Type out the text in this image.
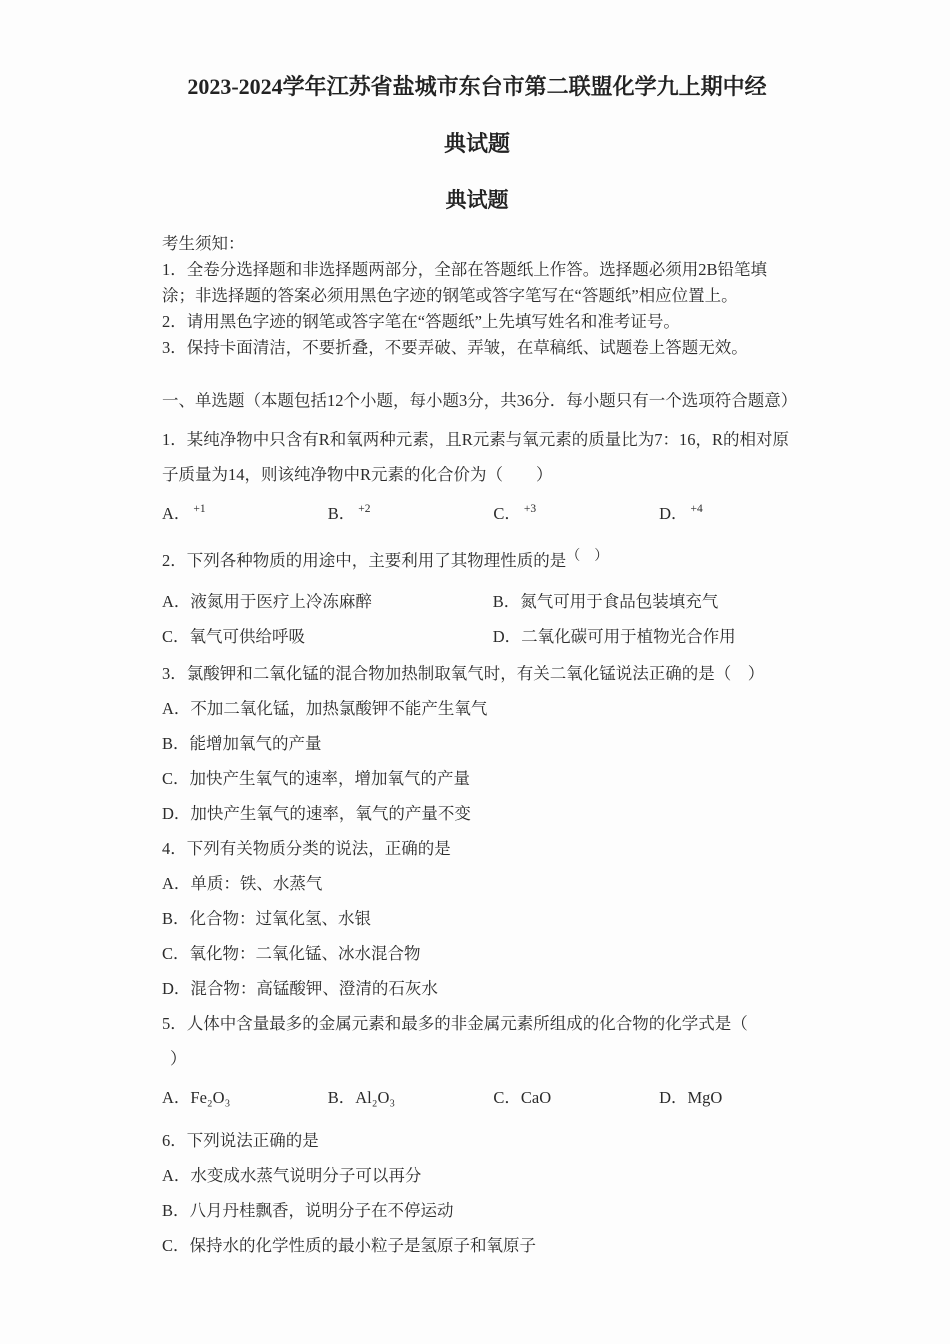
2023-2024学年江苏省盐城市东台市第二联盟化学九上期中经
典试题
典试题

考生须知：

1．全卷分选择题和非选择题两部分，全部在答题纸上作答。选择题必须用2B铅笔填涂；非选择题的答案必须用黑色字迹的钢笔或答字笔写在“答题纸”相应位置上。

2．请用黑色字迹的钢笔或答字笔在“答题纸”上先填写姓名和准考证号。

3．保持卡面清洁，不要折叠，不要弄破、弄皱，在草稿纸、试题卷上答题无效。

一、单选题（本题包括12个小题，每小题3分，共36分．每小题只有一个选项符合题意）

1．某纯净物中只含有R和氧两种元素，且R元素与氧元素的质量比为7：16，R的相对原子质量为14，则该纯净物中R元素的化合价为（　　）

A． $^{+1}$	B． $^{+2}$	C． $^{+3}$	D． $^{+4}$

2．下列各种物质的用途中，主要利用了其物理性质的是（　）

A．液氮用于医疗上冷冻麻醉	B．氮气可用于食品包装填充气
C．氧气可供给呼吸	D．二氧化碳可用于植物光合作用

3．氯酸钾和二氧化锰的混合物加热制取氧气时，有关二氧化锰说法正确的是（　）

A．不加二氧化锰，加热氯酸钾不能产生氧气

B．能增加氧气的产量

C．加快产生氧气的速率，增加氧气的产量

D．加快产生氧气的速率，氧气的产量不变

4．下列有关物质分类的说法，正确的是

A．单质：铁、水蒸气

B．化合物：过氧化氢、水银

C．氧化物：二氧化锰、冰水混合物

D．混合物：高锰酸钾、澄清的石灰水

5．人体中含量最多的金属元素和最多的非金属元素所组成的化合物的化学式是（

）

A．Fe₂O₃	B．Al₂O₃	C．CaO	D．MgO

6．下列说法正确的是

A．水变成水蒸气说明分子可以再分

B．八月丹桂飘香，说明分子在不停运动

C．保持水的化学性质的最小粒子是氢原子和氧原子
